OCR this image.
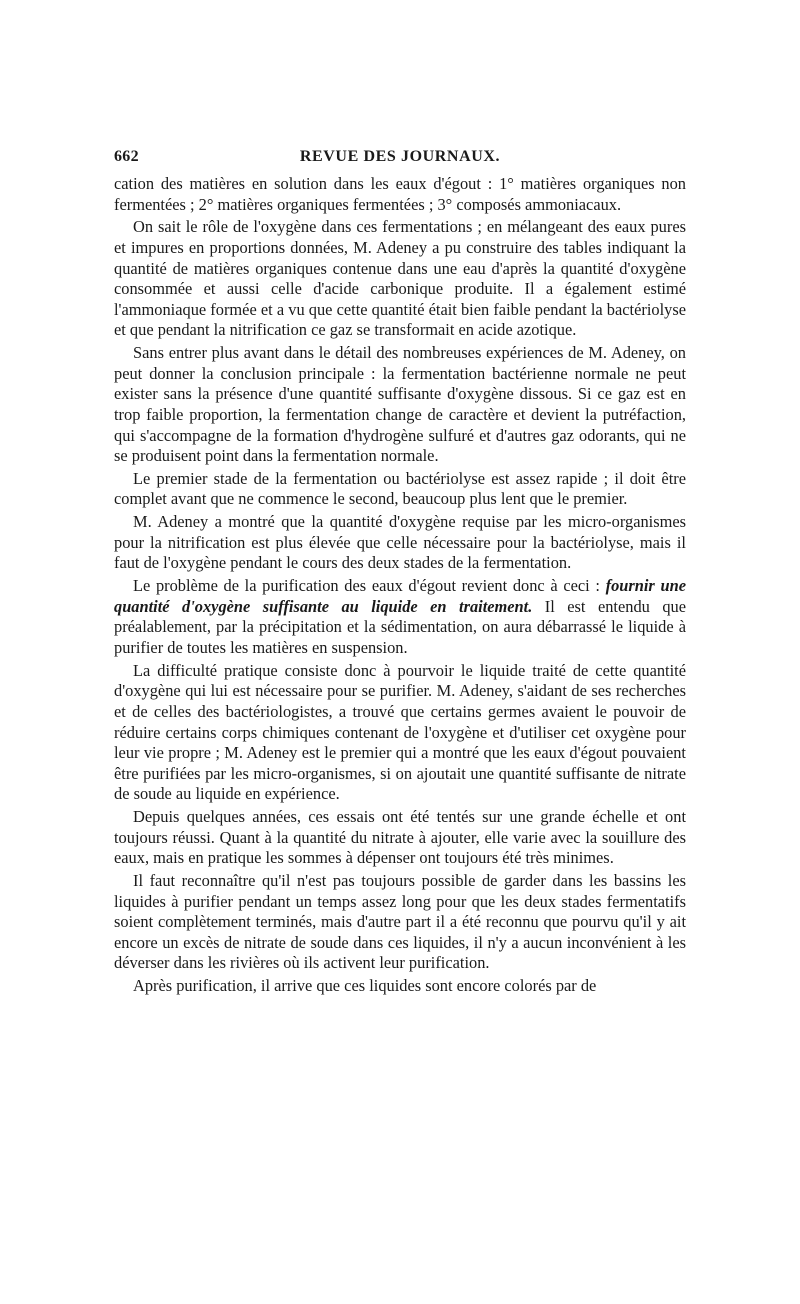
662	REVUE DES JOURNAUX.

cation des matières en solution dans les eaux d'égout : 1° matières organiques non fermentées ; 2° matières organiques fermentées ; 3° composés ammoniacaux.

On sait le rôle de l'oxygène dans ces fermentations ; en mélangeant des eaux pures et impures en proportions données, M. Adeney a pu construire des tables indiquant la quantité de matières organiques contenue dans une eau d'après la quantité d'oxygène consommée et aussi celle d'acide carbonique produite. Il a également estimé l'ammoniaque formée et a vu que cette quantité était bien faible pendant la bactériolyse et que pendant la nitrification ce gaz se transformait en acide azotique.

Sans entrer plus avant dans le détail des nombreuses expériences de M. Adeney, on peut donner la conclusion principale : la fermentation bactérienne normale ne peut exister sans la présence d'une quantité suffisante d'oxygène dissous. Si ce gaz est en trop faible proportion, la fermentation change de caractère et devient la putréfaction, qui s'accompagne de la formation d'hydrogène sulfuré et d'autres gaz odorants, qui ne se produisent point dans la fermentation normale.

Le premier stade de la fermentation ou bactériolyse est assez rapide ; il doit être complet avant que ne commence le second, beaucoup plus lent que le premier.

M. Adeney a montré que la quantité d'oxygène requise par les micro-organismes pour la nitrification est plus élevée que celle nécessaire pour la bactériolyse, mais il faut de l'oxygène pendant le cours des deux stades de la fermentation.

Le problème de la purification des eaux d'égout revient donc à ceci : fournir une quantité d'oxygène suffisante au liquide en traitement. Il est entendu que préalablement, par la précipitation et la sédimentation, on aura débarrassé le liquide à purifier de toutes les matières en suspension.

La difficulté pratique consiste donc à pourvoir le liquide traité de cette quantité d'oxygène qui lui est nécessaire pour se purifier. M. Adeney, s'aidant de ses recherches et de celles des bactériologistes, a trouvé que certains germes avaient le pouvoir de réduire certains corps chimiques contenant de l'oxygène et d'utiliser cet oxygène pour leur vie propre ; M. Adeney est le premier qui a montré que les eaux d'égout pouvaient être purifiées par les micro-organismes, si on ajoutait une quantité suffisante de nitrate de soude au liquide en expérience.

Depuis quelques années, ces essais ont été tentés sur une grande échelle et ont toujours réussi. Quant à la quantité du nitrate à ajouter, elle varie avec la souillure des eaux, mais en pratique les sommes à dépenser ont toujours été très minimes.

Il faut reconnaître qu'il n'est pas toujours possible de garder dans les bassins les liquides à purifier pendant un temps assez long pour que les deux stades fermentatifs soient complètement terminés, mais d'autre part il a été reconnu que pourvu qu'il y ait encore un excès de nitrate de soude dans ces liquides, il n'y a aucun inconvénient à les déverser dans les rivières où ils activent leur purification.

Après purification, il arrive que ces liquides sont encore colorés par de
